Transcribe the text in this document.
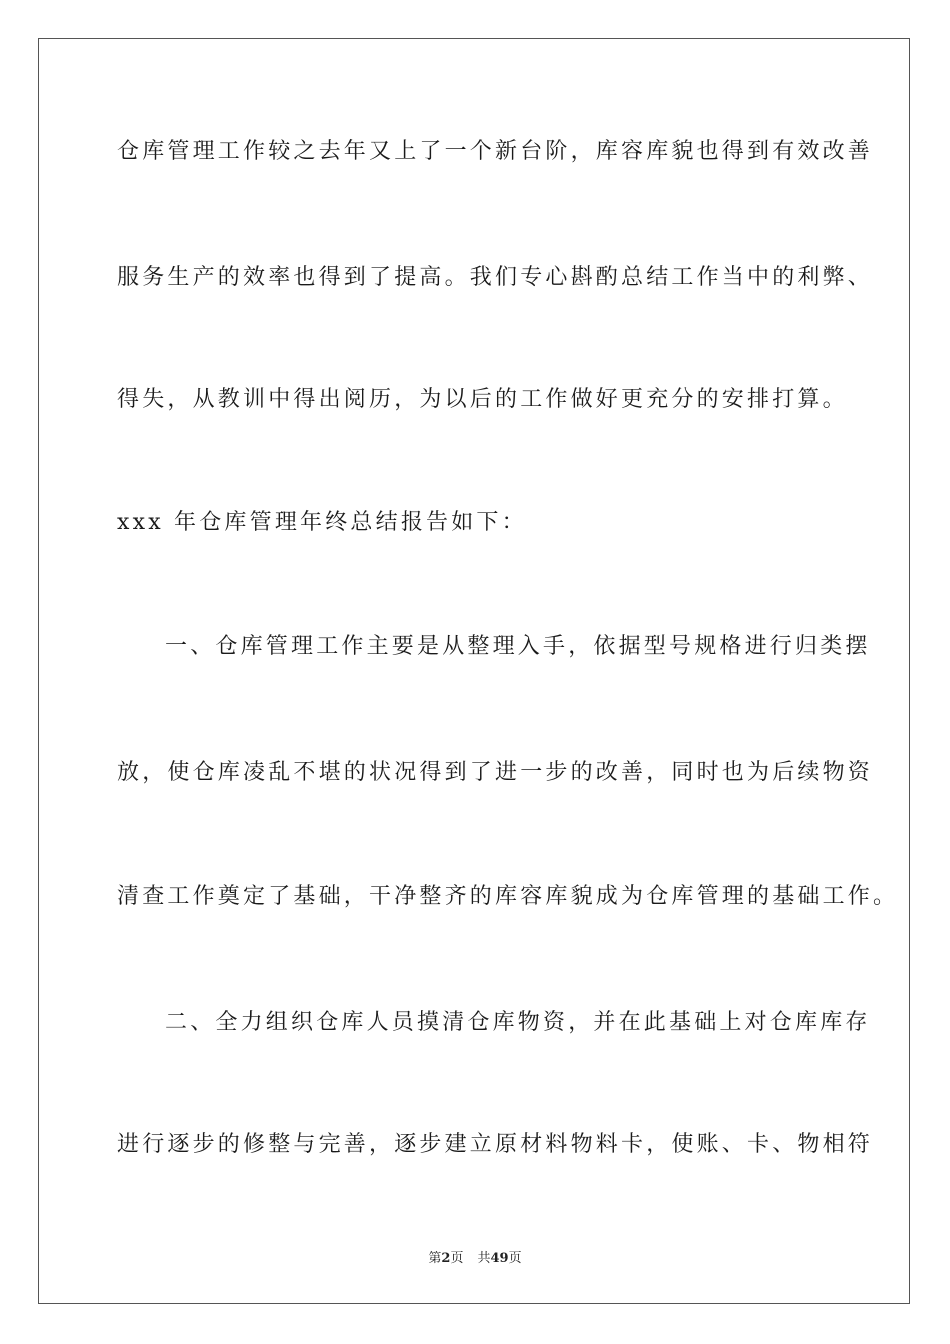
仓库管理工作较之去年又上了一个新台阶，库容库貌也得到有效改善
服务生产的效率也得到了提高。我们专心斟酌总结工作当中的利弊、
得失，从教训中得出阅历，为以后的工作做好更充分的安排打算。
xxx 年仓库管理年终总结报告如下：
一、仓库管理工作主要是从整理入手，依据型号规格进行归类摆
放，使仓库凌乱不堪的状况得到了进一步的改善，同时也为后续物资
清查工作奠定了基础，干净整齐的库容库貌成为仓库管理的基础工作。
二、全力组织仓库人员摸清仓库物资，并在此基础上对仓库库存
进行逐步的修整与完善，逐步建立原材料物料卡，使账、卡、物相符
第2页 共49页
